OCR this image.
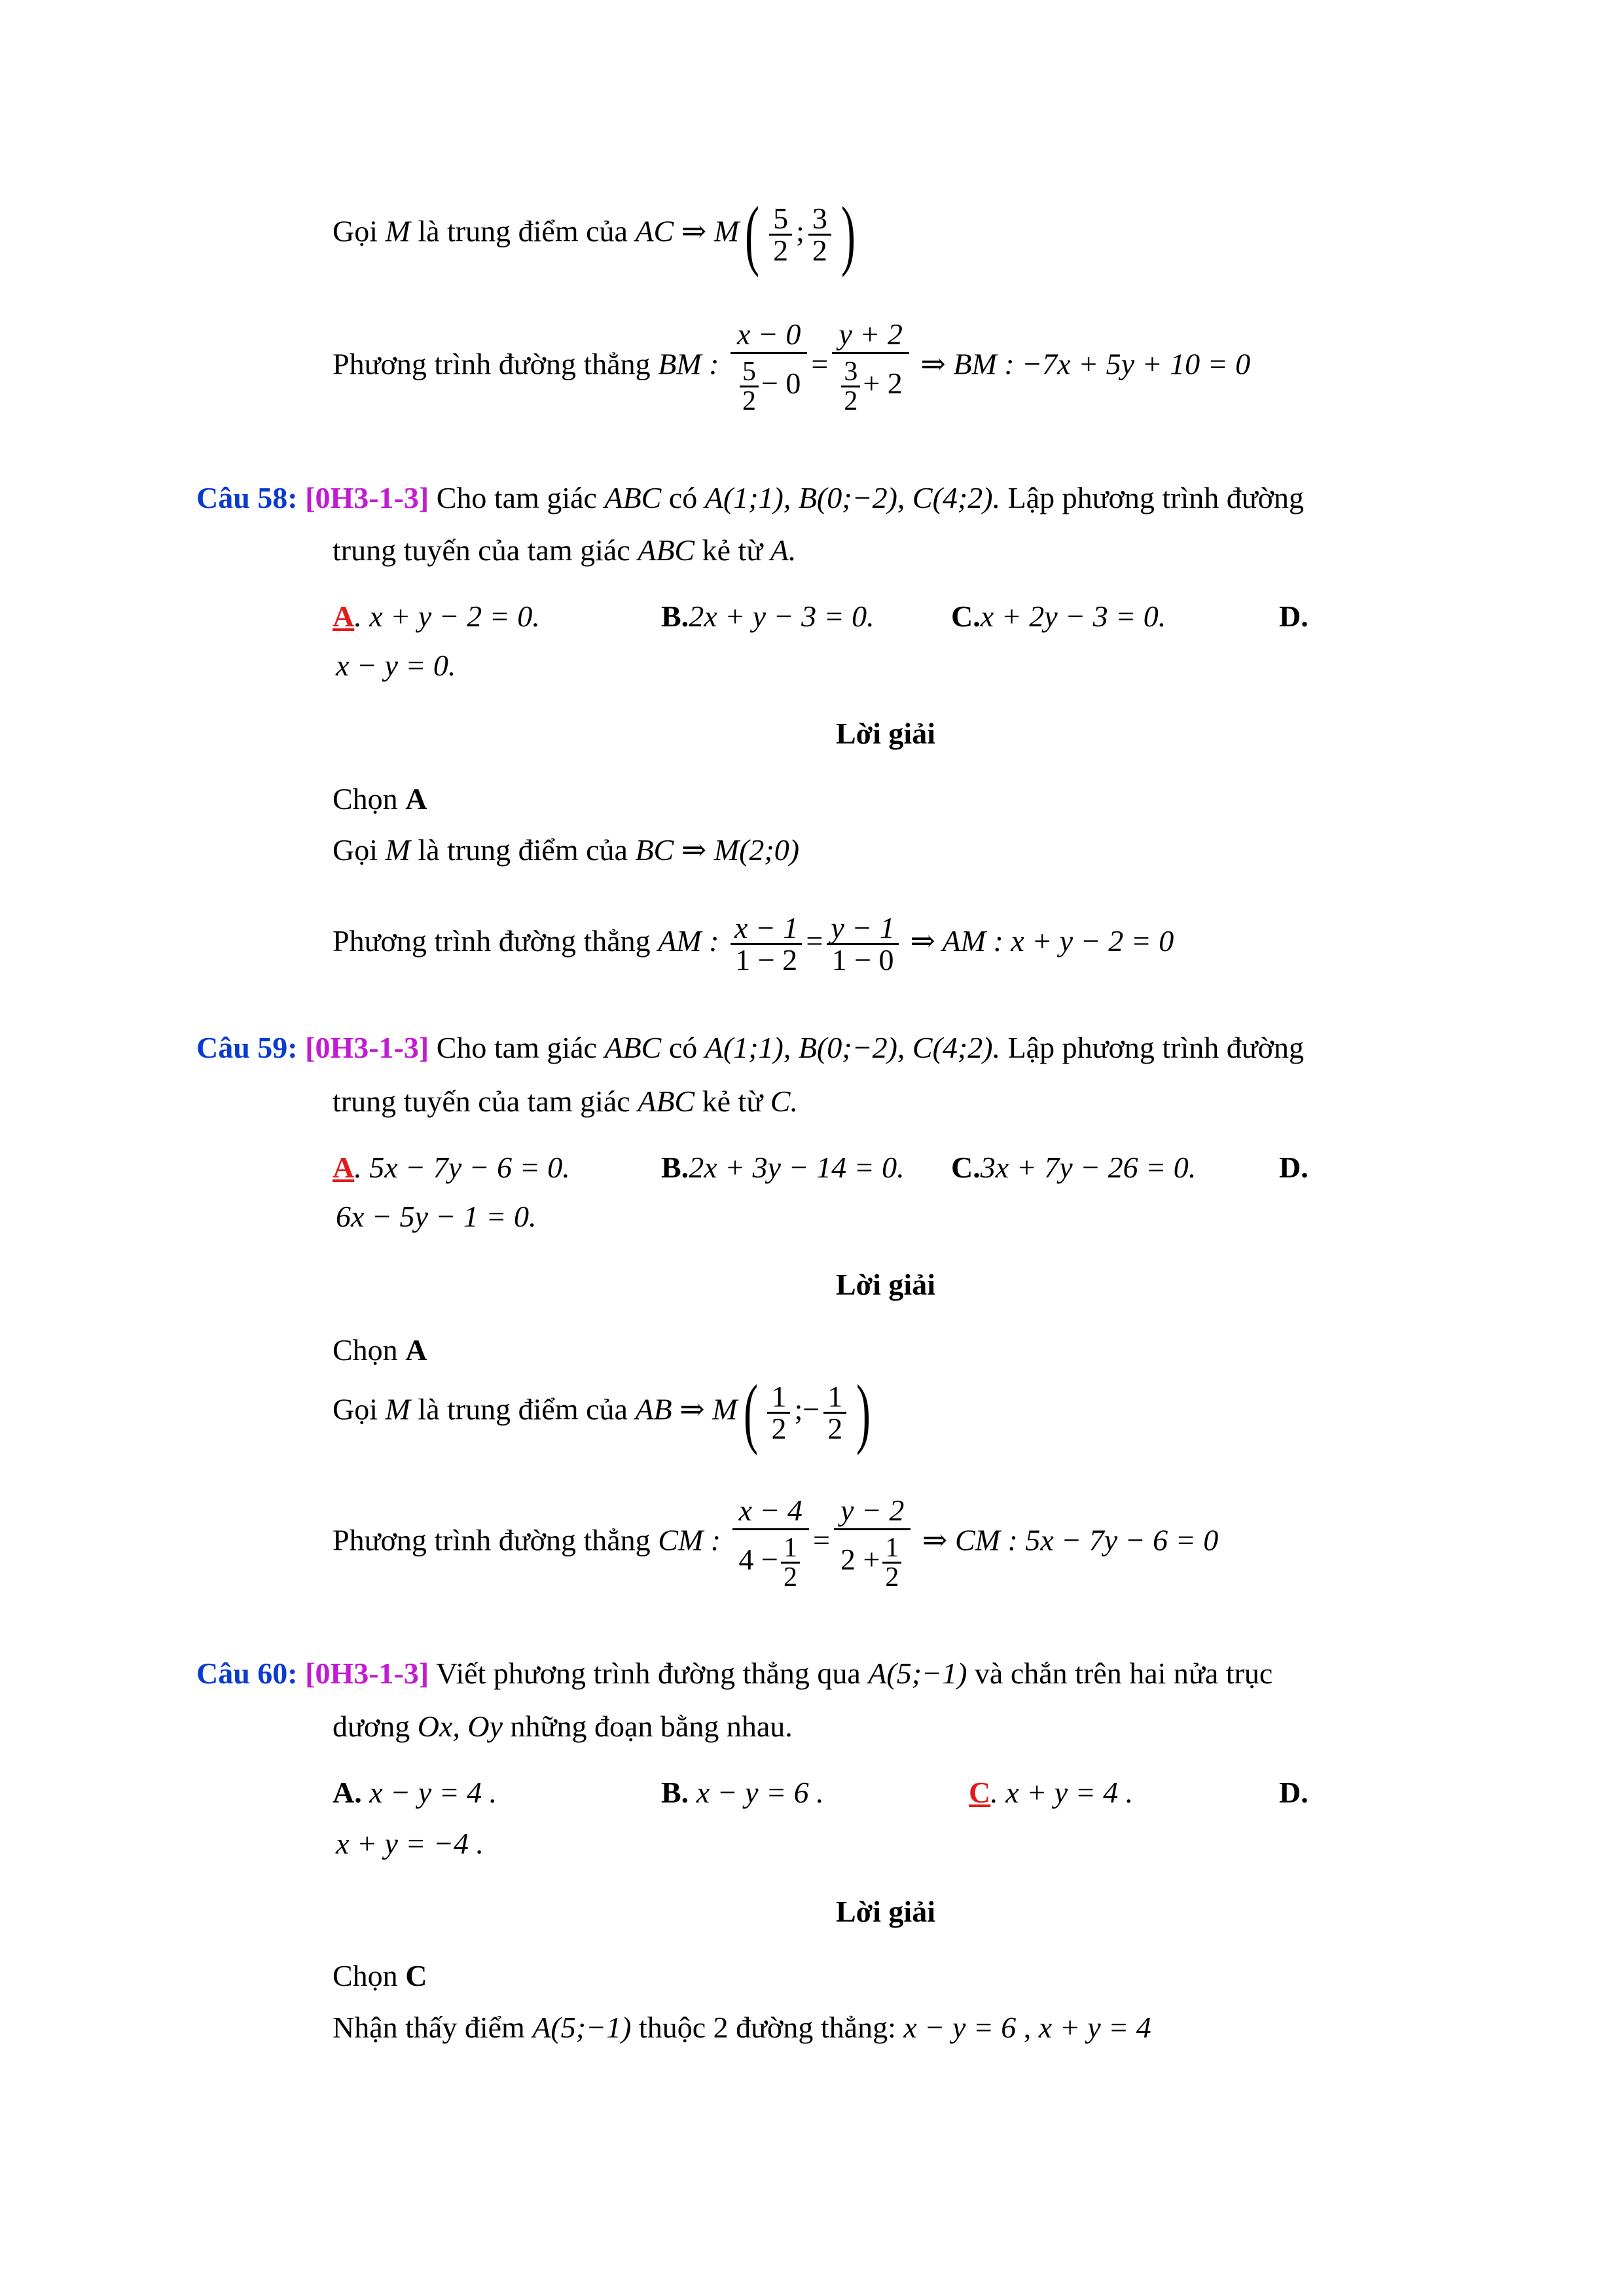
Gọi M là trung điểm của AC ⇒ $M( \frac{5}{2}$ ; $\frac{3}{2}$ )
Phương trình đường thẳng BM : $\frac{x - 0}{\frac{5}{2} - 0} = \frac{y + 2}{\frac{3}{2} + 2}$ ⇒ BM : −7x + 5y + 10 = 0
Câu 58: [0H3-1-3] Cho tam giác ABC có A(1;1), B(0;−2), C(4;2). Lập phương trình đường
trung tuyến của tam giác ABC kẻ từ A.
A. x + y − 2 = 0.	B.2x + y − 3 = 0.	C.x + 2y − 3 = 0.	D.
x − y = 0.
Lời giải
Chọn A
Gọi M là trung điểm của BC ⇒ M(2;0)
Phương trình đường thẳng AM : $\frac{x - 1}{1 - 2} = \frac{y - 1}{1 - 0}$ ⇒ AM : x + y − 2 = 0
Câu 59: [0H3-1-3] Cho tam giác ABC có A(1;1), B(0;−2), C(4;2). Lập phương trình đường
trung tuyến của tam giác ABC kẻ từ C.
A. 5x − 7y − 6 = 0.	B.2x + 3y − 14 = 0. C.3x + 7y − 26 = 0.	D.
6x − 5y − 1 = 0.
Lời giải
Chọn A
Gọi M là trung điểm của AB ⇒ $M( \frac{1}{2}$ ;− $\frac{1}{2}$ )
Phương trình đường thẳng CM : $\frac{x - 4}{4 - \frac{1}{2}} = \frac{y - 2}{2 + \frac{1}{2}}$ ⇒ CM : 5x − 7y − 6 = 0
Câu 60: [0H3-1-3] Viết phương trình đường thẳng qua A(5;−1) và chắn trên hai nửa trục
dương Ox, Oy những đoạn bằng nhau.
A. x − y = 4 .	B. x − y = 6 .	C. x + y = 4 .	D.
x + y = −4 .
Lời giải
Chọn C
Nhận thấy điểm A(5;−1) thuộc 2 đường thẳng: x − y = 6 , x + y = 4
